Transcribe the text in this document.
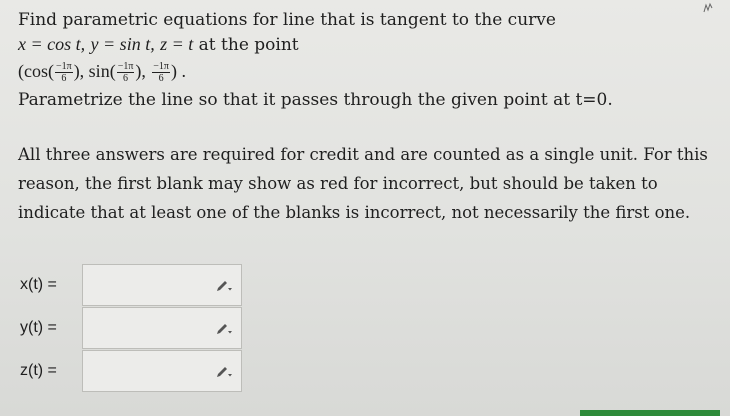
Find parametric equations for line that is tangent to the curve
x = cos t, y = sin t, z = t at the point
($\cos( \frac{-1\pi}{6}$ ), $\sin( \frac{-1\pi}{6}$ ), $\frac{-1\pi}{6}$ ) .
Parametrize the line so that it passes through the given point at t=0.
All three answers are required for credit and are counted as a single unit. For this reason, the first blank may show as red for incorrect, but should be taken to indicate that at least one of the blanks is incorrect, not necessarily the first one.
x(t) =
y(t) =
z(t) =
